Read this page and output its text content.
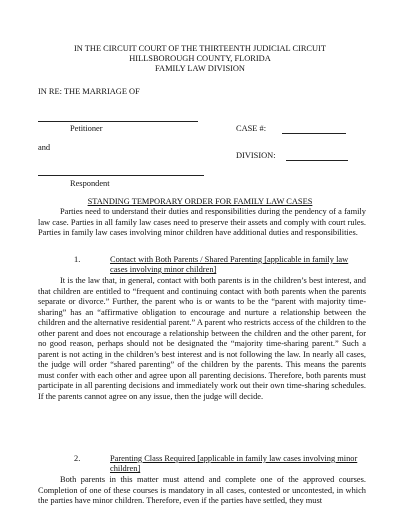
IN THE CIRCUIT COURT OF THE THIRTEENTH JUDICIAL CIRCUIT
HILLSBOROUGH COUNTY, FLORIDA
FAMILY LAW DIVISION
IN RE: THE MARRIAGE OF
Petitioner	CASE #:
and
DIVISION:
Respondent
STANDING TEMPORARY ORDER FOR FAMILY LAW CASES
Parties need to understand their duties and responsibilities during the pendency of a family law case. Parties in all family law cases need to preserve their assets and comply with court rules. Parties in family law cases involving minor children have additional duties and responsibilities.
1.	Contact with Both Parents / Shared Parenting [applicable in family law
cases involving minor children]
It is the law that, in general, contact with both parents is in the children’s best interest, and that children are entitled to “frequent and continuing contact with both parents when the parents separate or divorce.” Further, the parent who is or wants to be the “parent with majority time-sharing” has an “affirmative obligation to encourage and nurture a relationship between the children and the alternative residential parent.” A parent who restricts access of the children to the other parent and does not encourage a relationship between the children and the other parent, for no good reason, perhaps should not be designated the “majority time-sharing parent.” Such a parent is not acting in the children’s best interest and is not following the law. In nearly all cases, the judge will order “shared parenting” of the children by the parents. This means the parents must confer with each other and agree upon all parenting decisions. Therefore, both parents must participate in all parenting decisions and immediately work out their own time-sharing schedules. If the parents cannot agree on any issue, then the judge will decide.
2.	Parenting Class Required [applicable in family law cases involving minor
children]
Both parents in this matter must attend and complete one of the approved courses. Completion of one of these courses is mandatory in all cases, contested or uncontested, in which the parties have minor children. Therefore, even if the parties have settled, they must
